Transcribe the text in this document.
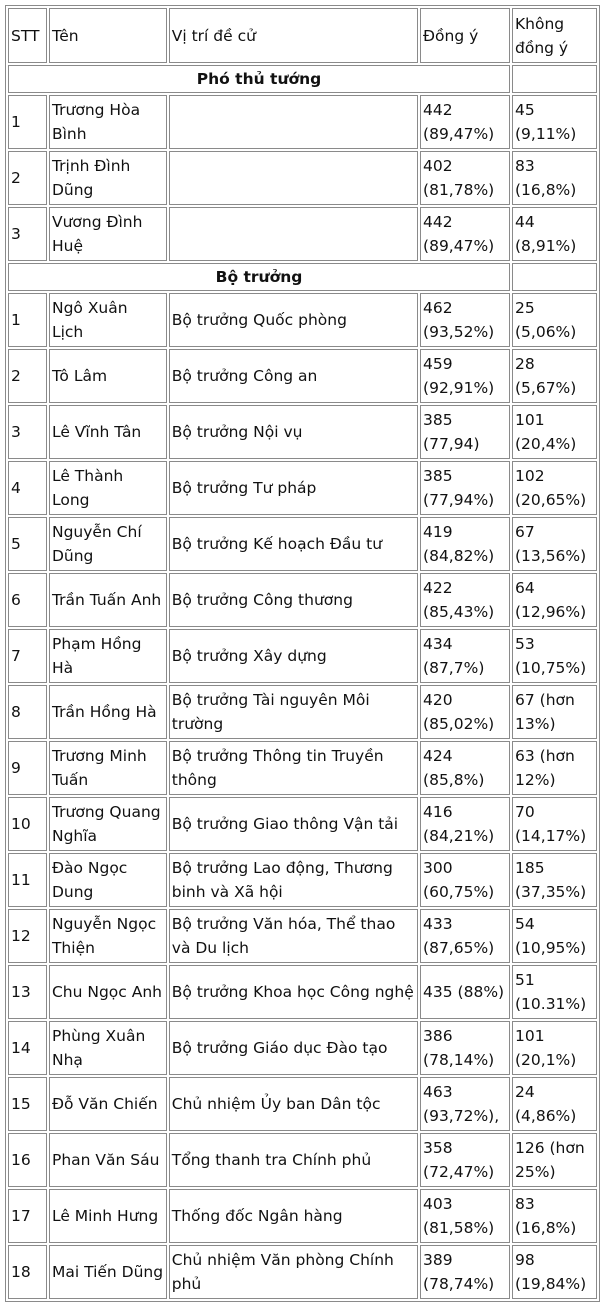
STT	Tên	Vị trí đề cử	Đồng ý	Không đồng ý
Phó thủ tướng				
1	Trương Hòa Bình		442 (89,47%)	45 (9,11%)
2	Trịnh Đình Dũng		402 (81,78%)	83 (16,8%)
3	Vương Đình Huệ		442 (89,47%)	44 (8,91%)
Bộ trưởng				
1	Ngô Xuân Lịch	Bộ trưởng Quốc phòng	462 (93,52%)	25 (5,06%)
2	Tô Lâm	Bộ trưởng Công an	459 (92,91%)	28 (5,67%)
3	Lê Vĩnh Tân	Bộ trưởng Nội vụ	385 (77,94)	101 (20,4%)
4	Lê Thành Long	Bộ trưởng Tư pháp	385 (77,94%)	102 (20,65%)
5	Nguyễn Chí Dũng	Bộ trưởng Kế hoạch Đầu tư	419 (84,82%)	67 (13,56%)
6	Trần Tuấn Anh	Bộ trưởng Công thương	422 (85,43%)	64 (12,96%)
7	Phạm Hồng Hà	Bộ trưởng Xây dựng	434 (87,7%)	53 (10,75%)
8	Trần Hồng Hà	Bộ trưởng Tài nguyên Môi trường	420 (85,02%)	67 (hơn 13%)
9	Trương Minh Tuấn	Bộ trưởng Thông tin Truyền thông	424 (85,8%)	63 (hơn 12%)
10	Trương Quang Nghĩa	Bộ trưởng Giao thông Vận tải	416 (84,21%)	70 (14,17%)
11	Đào Ngọc Dung	Bộ trưởng Lao động, Thương binh và Xã hội	300 (60,75%)	185 (37,35%)
12	Nguyễn Ngọc Thiện	Bộ trưởng Văn hóa, Thể thao và Du lịch	433 (87,65%)	54 (10,95%)
13	Chu Ngọc Anh	Bộ trưởng Khoa học Công nghệ	435 (88%)	51 (10.31%)
14	Phùng Xuân Nhạ	Bộ trưởng Giáo dục Đào tạo	386 (78,14%)	101 (20,1%)
15	Đỗ Văn Chiến	Chủ nhiệm Ủy ban Dân tộc	463 (93,72%),	24 (4,86%)
16	Phan Văn Sáu	Tổng thanh tra Chính phủ	358 (72,47%)	126 (hơn 25%)
17	Lê Minh Hưng	Thống đốc Ngân hàng	403 (81,58%)	83 (16,8%)
18	Mai Tiến Dũng	Chủ nhiệm Văn phòng Chính phủ	389 (78,74%)	98 (19,84%)
